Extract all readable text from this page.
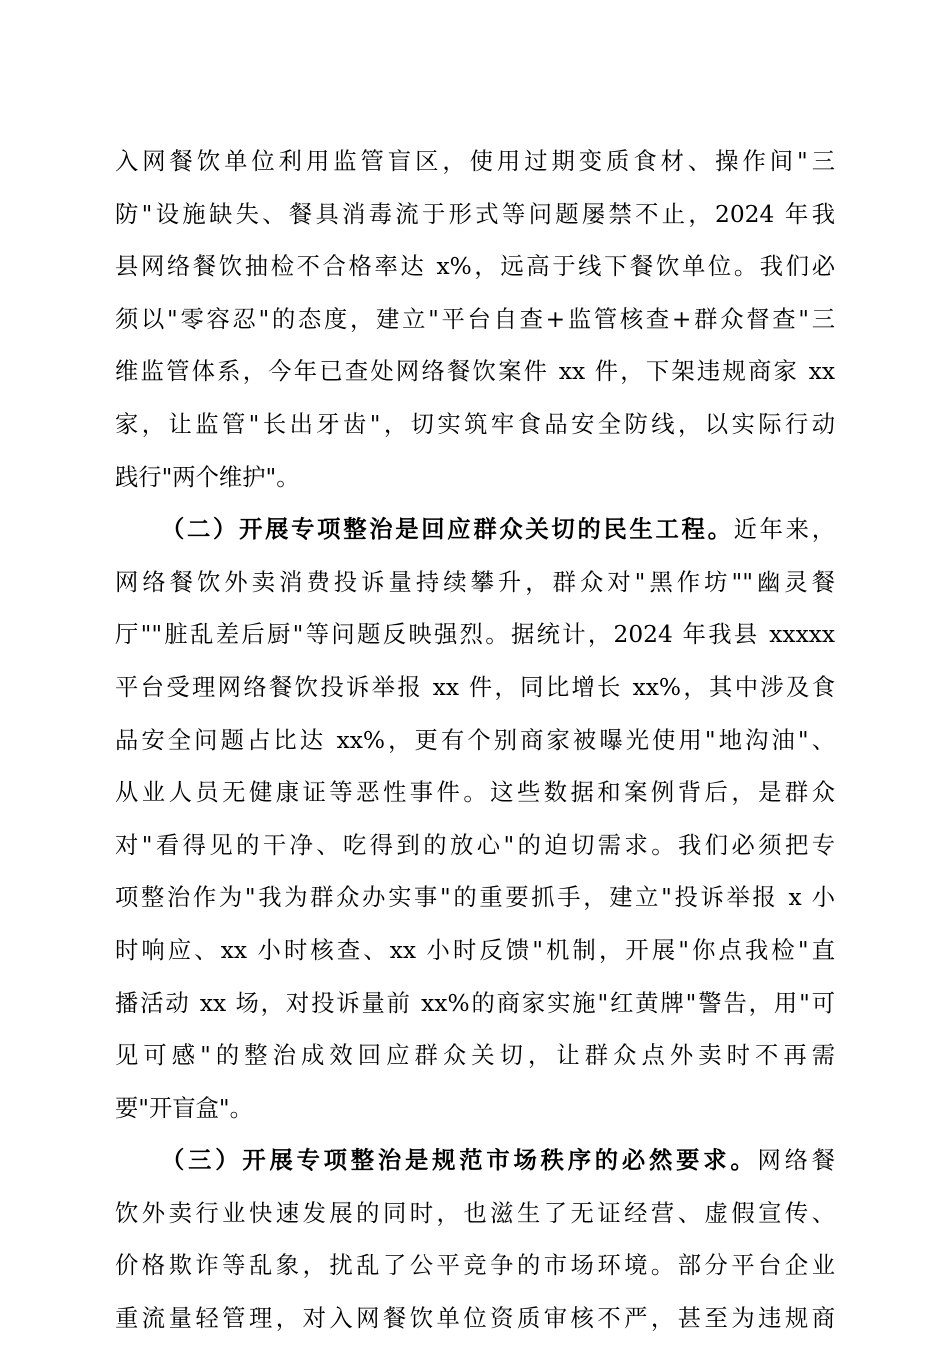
入网餐饮单位利用监管盲区，使用过期变质食材、操作间"三
防"设施缺失、餐具消毒流于形式等问题屡禁不止，2024 年我
县网络餐饮抽检不合格率达 x%，远高于线下餐饮单位。我们必
须以"零容忍"的态度，建立"平台自查+监管核查+群众督查"三
维监管体系，今年已查处网络餐饮案件 xx 件，下架违规商家 xx
家，让监管"长出牙齿"，切实筑牢食品安全防线，以实际行动
践行"两个维护"。
（二）开展专项整治是回应群众关切的民生工程。近年来，
网络餐饮外卖消费投诉量持续攀升，群众对"黑作坊""幽灵餐
厅""脏乱差后厨"等问题反映强烈。据统计，2024 年我县 xxxxx
平台受理网络餐饮投诉举报 xx 件，同比增长 xx%，其中涉及食
品安全问题占比达 xx%，更有个别商家被曝光使用"地沟油"、
从业人员无健康证等恶性事件。这些数据和案例背后，是群众
对"看得见的干净、吃得到的放心"的迫切需求。我们必须把专
项整治作为"我为群众办实事"的重要抓手，建立"投诉举报 x 小
时响应、xx 小时核查、xx 小时反馈"机制，开展"你点我检"直
播活动 xx 场，对投诉量前 xx%的商家实施"红黄牌"警告，用"可
见可感"的整治成效回应群众关切，让群众点外卖时不再需
要"开盲盒"。
（三）开展专项整治是规范市场秩序的必然要求。网络餐
饮外卖行业快速发展的同时，也滋生了无证经营、虚假宣传、
价格欺诈等乱象，扰乱了公平竞争的市场环境。部分平台企业
重流量轻管理，对入网餐饮单位资质审核不严，甚至为违规商
